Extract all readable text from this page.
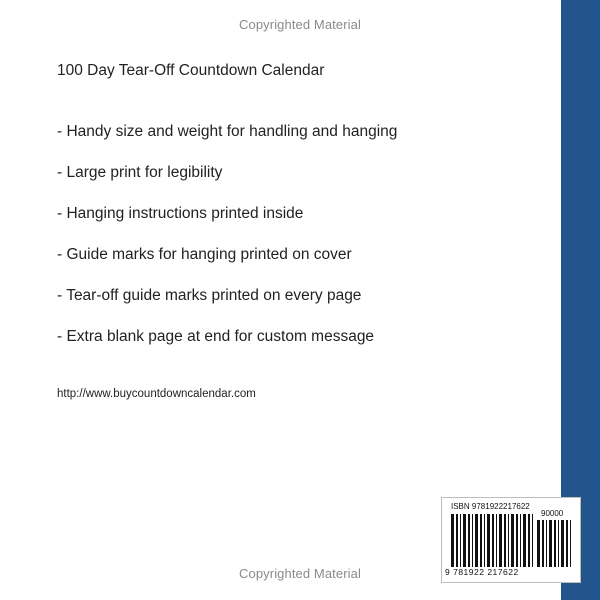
Copyrighted Material
100 Day Tear-Off Countdown Calendar
- Handy size and weight for handling and hanging
- Large print for legibility
- Hanging instructions printed inside
- Guide marks for hanging printed on cover
- Tear-off guide marks printed on every page
- Extra blank page at end for custom message
http://www.buycountdowncalendar.com
ISBN 9781922217622
90000
9 781922 217622
Copyrighted Material
